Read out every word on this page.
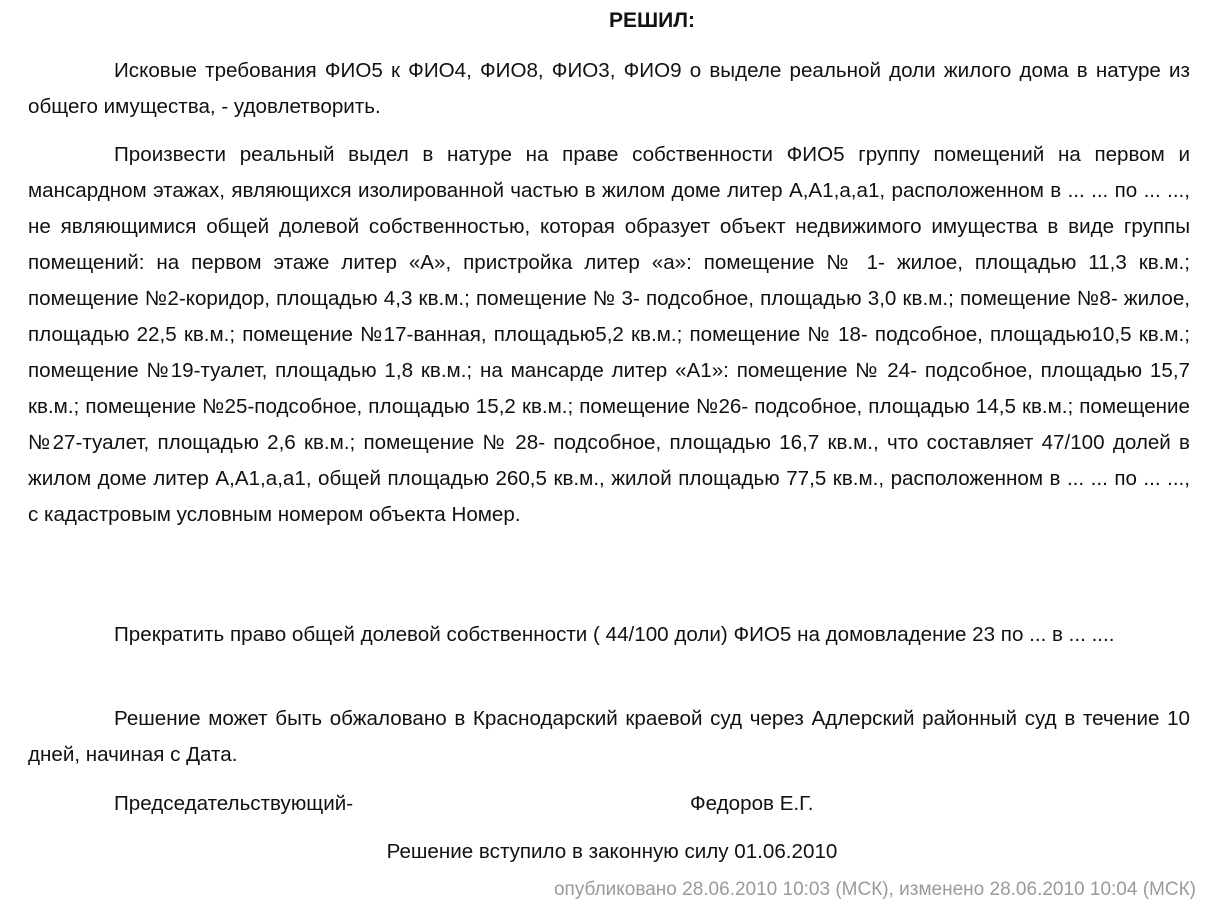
РЕШИЛ:

Исковые требования ФИО5 к ФИО4, ФИО8, ФИО3, ФИО9 о выделе реальной доли жилого дома в натуре из общего имущества, - удовлетворить.

Произвести реальный выдел в натуре на праве собственности ФИО5 группу помещений на первом и мансардном этажах, являющихся изолированной частью в жилом доме литер А,А1,а,а1, расположенном в ... ... по ... ..., не являющимися общей долевой собственностью, которая образует объект недвижимого имущества в виде группы помещений: на первом этаже литер «А», пристройка литер «а»: помещение № 1- жилое, площадью 11,3 кв.м.; помещение №2-коридор, площадью 4,3 кв.м.; помещение № 3- подсобное, площадью 3,0 кв.м.; помещение №8- жилое, площадью 22,5 кв.м.; помещение №17-ванная, площадью5,2 кв.м.; помещение № 18- подсобное, площадью10,5 кв.м.; помещение №19-туалет, площадью 1,8 кв.м.; на мансарде литер «А1»: помещение № 24- подсобное, площадью 15,7 кв.м.; помещение №25-подсобное, площадью 15,2 кв.м.; помещение №26- подсобное, площадью 14,5 кв.м.; помещение №27-туалет, площадью 2,6 кв.м.; помещение № 28- подсобное, площадью 16,7 кв.м., что составляет 47/100 долей в жилом доме литер А,А1,а,а1, общей площадью 260,5 кв.м., жилой площадью 77,5 кв.м., расположенном в ... ... по ... ..., с кадастровым условным номером объекта Номер.

Прекратить право общей долевой собственности ( 44/100 доли) ФИО5 на домовладение 23 по ... в ... ....

Решение может быть обжаловано в Краснодарский краевой суд через Адлерский районный суд в течение 10 дней, начиная с Дата.

Председательствующий-	Федоров Е.Г.
Решение вступило в законную силу 01.06.2010
опубликовано 28.06.2010 10:03 (МСК), изменено 28.06.2010 10:04 (МСК)
